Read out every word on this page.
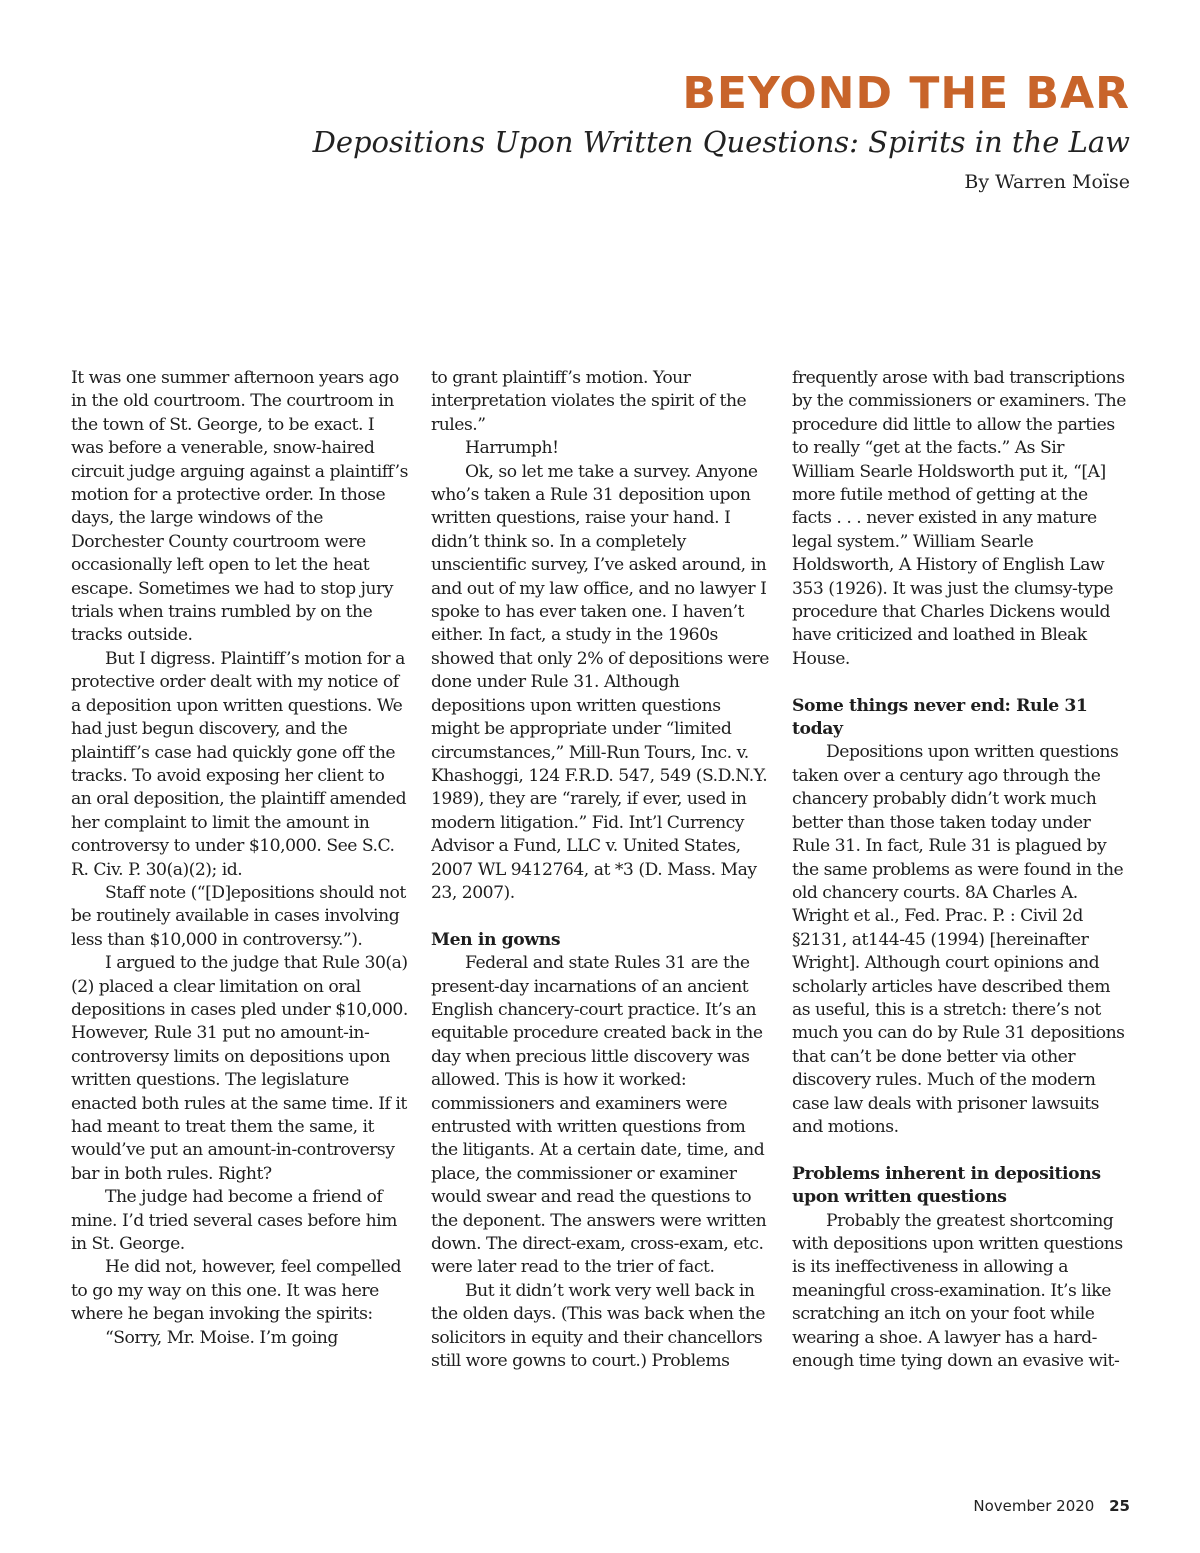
BEYOND THE BAR
Depositions Upon Written Questions: Spirits in the Law
By Warren Moïse

It was one summer afternoon years ago in the old courtroom. The courtroom in the town of St. George, to be exact. I was before a venerable, snow-haired circuit judge arguing against a plaintiff’s motion for a protective order. In those days, the large windows of the Dorchester County courtroom were occasionally left open to let the heat escape. Sometimes we had to stop jury trials when trains rumbled by on the tracks outside.

But I digress. Plaintiff’s motion for a protective order dealt with my notice of a deposition upon written questions. We had just begun discovery, and the plaintiff’s case had quickly gone off the tracks. To avoid exposing her client to an oral deposition, the plaintiff amended her complaint to limit the amount in controversy to under $10,000. See S.C. R. Civ. P. 30(a)(2); id.

Staff note (“[D]epositions should not be routinely available in cases involving less than $10,000 in controversy.”).

I argued to the judge that Rule 30(a)(2) placed a clear limitation on oral depositions in cases pled under $10,000. However, Rule 31 put no amount-in-controversy limits on depositions upon written questions. The legislature enacted both rules at the same time. If it had meant to treat them the same, it would’ve put an amount-in-controversy bar in both rules. Right?

The judge had become a friend of mine. I’d tried several cases before him in St. George.

He did not, however, feel compelled to go my way on this one. It was here where he began invoking the spirits:

“Sorry, Mr. Moise. I’m going

to grant plaintiff’s motion. Your interpretation violates the spirit of the rules.”

Harrumph!

Ok, so let me take a survey. Anyone who’s taken a Rule 31 deposition upon written questions, raise your hand. I didn’t think so. In a completely unscientific survey, I’ve asked around, in and out of my law office, and no lawyer I spoke to has ever taken one. I haven’t either. In fact, a study in the 1960s showed that only 2% of depositions were done under Rule 31. Although depositions upon written questions might be appropriate under “limited circumstances,” Mill-Run Tours, Inc. v. Khashoggi, 124 F.R.D. 547, 549 (S.D.N.Y. 1989), they are “rarely, if ever, used in modern litigation.” Fid. Int’l Currency Advisor a Fund, LLC v. United States, 2007 WL 9412764, at *3 (D. Mass. May 23, 2007).

Men in gowns

Federal and state Rules 31 are the present-day incarnations of an ancient English chancery-court practice. It’s an equitable procedure created back in the day when precious little discovery was allowed. This is how it worked: commissioners and examiners were entrusted with written questions from the litigants. At a certain date, time, and place, the commissioner or examiner would swear and read the questions to the deponent. The answers were written down. The direct-exam, cross-exam, etc. were later read to the trier of fact.

But it didn’t work very well back in the olden days. (This was back when the solicitors in equity and their chancellors still wore gowns to court.) Problems

frequently arose with bad transcriptions by the commissioners or examiners. The procedure did little to allow the parties to really “get at the facts.” As Sir William Searle Holdsworth put it, “[A] more futile method of getting at the facts . . . never existed in any mature legal system.” William Searle Holdsworth, A History of English Law 353 (1926). It was just the clumsy-type procedure that Charles Dickens would have criticized and loathed in Bleak House.

Some things never end: Rule 31 today

Depositions upon written questions taken over a century ago through the chancery probably didn’t work much better than those taken today under Rule 31. In fact, Rule 31 is plagued by the same problems as were found in the old chancery courts. 8A Charles A. Wright et al., Fed. Prac. P. : Civil 2d §2131, at144-45 (1994) [hereinafter Wright]. Although court opinions and scholarly articles have described them as useful, this is a stretch: there’s not much you can do by Rule 31 depositions that can’t be done better via other discovery rules. Much of the modern case law deals with prisoner lawsuits and motions.

Problems inherent in depositions upon written questions

Probably the greatest shortcoming with depositions upon written questions is its ineffectiveness in allowing a meaningful cross-examination. It’s like scratching an itch on your foot while wearing a shoe. A lawyer has a hard-enough time tying down an evasive wit-

November 2020 25
